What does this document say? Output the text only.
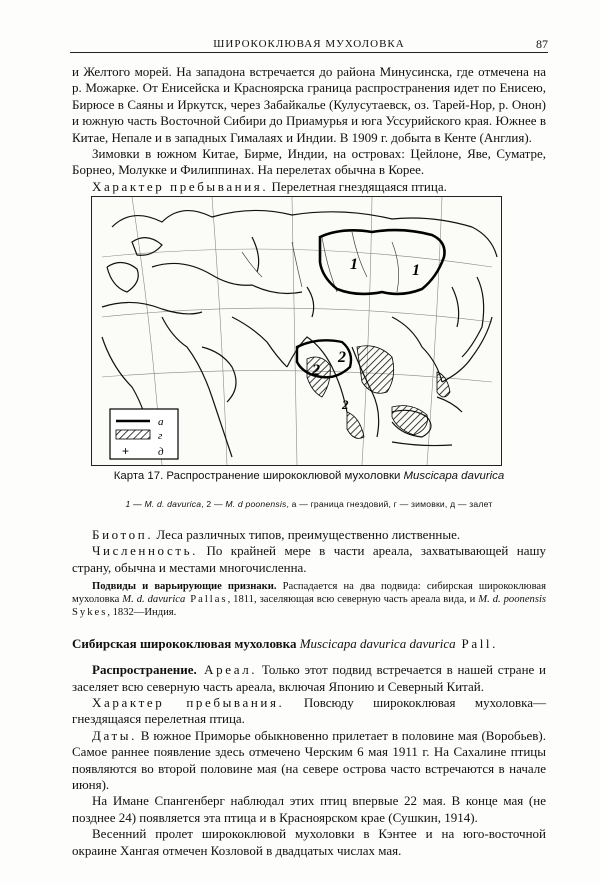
ШИРОКОКЛЮВАЯ МУХОЛОВКА	87

и Желтого морей. На западона встречается до района Минусинска, где отмечена на р. Можарке. От Енисейска и Красноярска граница распространения идет по Енисею, Бирюсе в Саяны и Иркутск, через Забайкалье (Кулусутаевск, оз. Тарей-Нор, р. Онон) и южную часть Восточной Сибири до Приамурья и юга Уссурийского края. Южнее в Китае, Непале и в западных Гималаях и Индии. В 1909 г. добыта в Кенте (Англия).

Зимовки в южном Китае, Бирме, Индии, на островах: Цейлоне, Яве, Суматре, Борнео, Молукке и Филиппинах. На перелетах обычна в Корее.

Характер пребывания. Перелетная гнездящаяся птица.

1	1
2
2
2
+
a
г
д
Карта 17. Распространение ширококлювой мухоловки Muscicapa davurica
1 — M. d. davurica, 2 — M. d poonensis, а — граница гнездовий, г — зимовки, д — залет

Биотоп. Леса различных типов, преимущественно лиственные.

Численность. По крайней мере в части ареала, захватывающей нашу страну, обычна и местами многочисленна.

Подвиды и варьирующие признаки. Распадается на два подвида: сибирская ширококлювая мухоловка M. d. davurica Pallas, 1811, заселяющая всю северную часть ареала вида, и M. d. poonensis Sykes, 1832—Индия.

Сибирская ширококлювая мухоловка Muscicapa davurica davurica Pall.

Распространение. Ареал. Только этот подвид встречается в нашей стране и заселяет всю северную часть ареала, включая Японию и Северный Китай.

Характер пребывания. Повсюду ширококлювая мухоловка— гнездящаяся перелетная птица.

Даты. В южное Приморье обыкновенно прилетает в половине мая (Воробьев). Самое раннее появление здесь отмечено Черским 6 мая 1911 г. На Сахалине птицы появляются во второй половине мая (на севере острова часто встречаются в начале июня).

На Имане Спангенберг наблюдал этих птиц впервые 22 мая. В конце мая (не позднее 24) появляется эта птица и в Красноярском крае (Сушкин, 1914).

Весенний пролет ширококлювой мухоловки в Кэнтее и на юго-восточной окраине Хангая отмечен Козловой в двадцатых числах мая.
